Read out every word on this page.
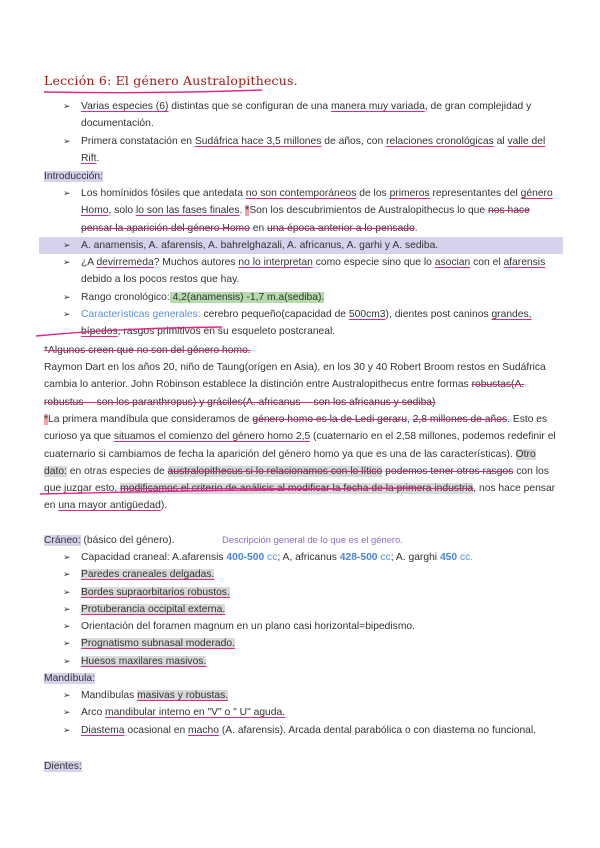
Lección 6: El género Australopithecus.
➢ Varias especies (6) distintas que se configuran de una manera muy variada, de gran complejidad y documentación.
➢ Primera constatación en Sudáfrica hace 3,5 millones de años, con relaciones cronológicas al valle del Rift.
Introducción:
➢ Los homínidos fósiles que antedata no son contemporáneos de los primeros representantes del género Homo, solo lo son las fases finales. *Son los descubrimientos de Australopithecus lo que nos hace pensar la aparición del género Homo en una época anterior a lo pensado.
➢ A. anamensis, A. afarensis, A. bahrelghazali, A. africanus, A. garhi y A. sediba.
➢ ¿A devirremeda? Muchos autores no lo interpretan como especie sino que lo asocian con el afarensis debido a los pocos restos que hay.
➢ Rango cronológico: 4,2(anamensis) -1,7 m.a(sediba).
➢ Características generales: cerebro pequeño(capacidad de 500cm3), dientes post caninos grandes, bípedos, rasgos primitivos en su esqueleto postcraneal.
*Algunos creen que no son del género homo.
Raymon Dart en los años 20, niño de Taung(orígen en Asia), en los 30 y 40 Robert Broom restos en Sudáfrica cambia lo anterior. John Robinson establece la distinción entre Australopithecus entre formas robustas(A. robustus— son los paranthropus) y gráciles(A. africanus— son los africanus y sediba)
*La primera mandíbula que consideramos de género homo es la de Ledi geraru, 2,8 millones de años. Esto es curioso ya que situamos el comienzo del género homo 2,5 (cuaternario en el 2,58 millones, podemos redefinir el cuaternario si cambiamos de fecha la aparición del género homo ya que es una de las características). Otro dato: en otras especies de australopithecus si lo relacionamos con lo lítico podemos tener otros rasgos con los que juzgar esto, modificamos el criterio de análisis al modificar la fecha de la primera industria, nos hace pensar en una mayor antigüedad).
Cráneo: (básico del género).	Descripción general de lo que es el género.
➢ Capacidad craneal: A.afarensis 400-500 cc; A, africanus 428-500 cc; A. garghi 450 cc.
➢ Paredes craneales delgadas.
➢ Bordes supraorbitarios robustos.
➢ Protuberancia occipital externa.
➢ Orientación del foramen magnum en un plano casi horizontal=bipedismo.
➢ Prognatismo subnasal moderado.
➢ Huesos maxilares masivos.
Mandíbula:
➢ Mandíbulas masivas y robustas.
➢ Arco mandibular interno en "V" o " U" aguda.
➢ Diastema ocasional en macho (A. afarensis). Arcada dental parabólica o con diastema no funcional.
Dientes:
